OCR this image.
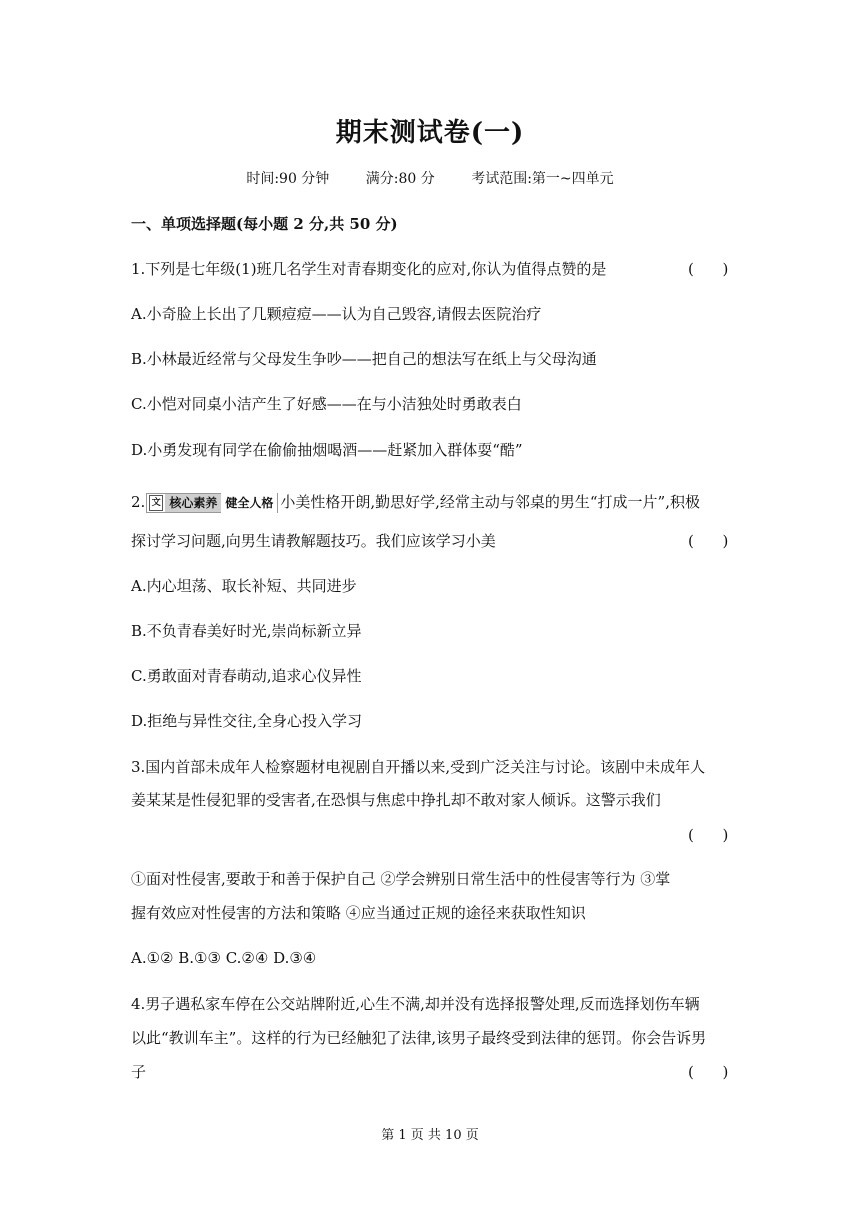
期末测试卷(一)
时间:90 分钟	满分:80 分	考试范围:第一~四单元
一、单项选择题(每小题 2 分,共 50 分)
1.下列是七年级(1)班几名学生对青春期变化的应对,你认为值得点赞的是	(      )
A.小奇脸上长出了几颗痘痘——认为自己毁容,请假去医院治疗
B.小林最近经常与父母发生争吵——把自己的想法写在纸上与父母沟通
C.小恺对同桌小洁产生了好感——在与小洁独处时勇敢表白
D.小勇发现有同学在偷偷抽烟喝酒——赶紧加入群体耍“酷”
2. 文 核心素养 健全人格 小美性格开朗,勤思好学,经常主动与邻桌的男生“打成一片”,积极
探讨学习问题,向男生请教解题技巧。我们应该学习小美	(      )
A.内心坦荡、取长补短、共同进步
B.不负青春美好时光,崇尚标新立异
C.勇敢面对青春萌动,追求心仪异性
D.拒绝与异性交往,全身心投入学习
3.国内首部未成年人检察题材电视剧自开播以来,受到广泛关注与讨论。该剧中未成年人
姜某某是性侵犯罪的受害者,在恐惧与焦虑中挣扎却不敢对家人倾诉。这警示我们
(      )
①面对性侵害,要敢于和善于保护自己 ②学会辨别日常生活中的性侵害等行为 ③掌
握有效应对性侵害的方法和策略 ④应当通过正规的途径来获取性知识
A.①② B.①③ C.②④ D.③④
4.男子遇私家车停在公交站牌附近,心生不满,却并没有选择报警处理,反而选择划伤车辆
以此“教训车主”。这样的行为已经触犯了法律,该男子最终受到法律的惩罚。你会告诉男
子	(      )
第 1 页 共 10 页
